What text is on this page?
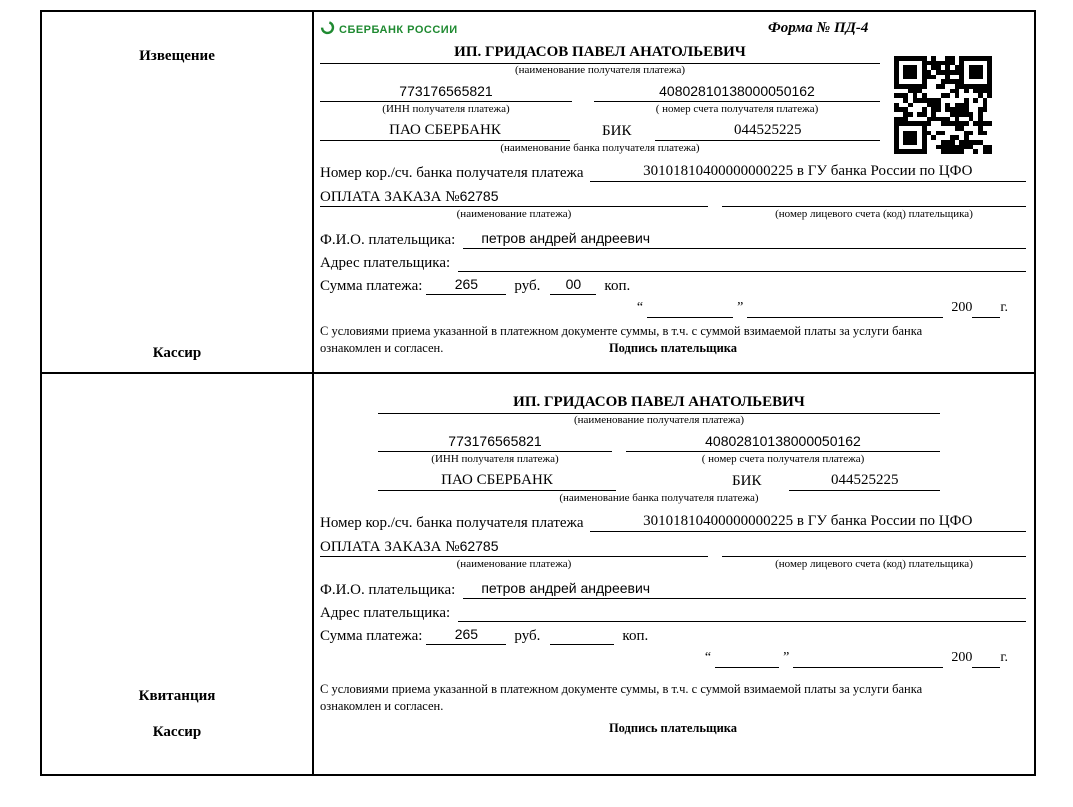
Извещение
Кассир
СБЕРБАНК РОССИИ	Форма № ПД-4
ИП. ГРИДАСОВ ПАВЕЛ АНАТОЛЬЕВИЧ
(наименование получателя платежа)
773176565821	40802810138000050162
(ИНН получателя платежа)	( номер счета получателя платежа)
ПАО СБЕРБАНК	БИК	044525225
(наименование банка получателя платежа)
Номер кор./сч. банка получателя платежа	30101810400000000225 в ГУ банка России по ЦФО
ОПЛАТА ЗАКАЗА №62785
(наименование платежа)	(номер лицевого счета (код) плательщика)
Ф.И.О. плательщика:	петров андрей андреевич
Адрес плательщика:
Сумма платежа:	265	руб.	00	коп.
“	”	200 г.
С условиями приема указанной в платежном документе суммы, в т.ч. с суммой взимаемой платы за услуги банка
ознакомлен и согласен.	Подпись плательщика
Квитанция
Кассир
ИП. ГРИДАСОВ ПАВЕЛ АНАТОЛЬЕВИЧ
(наименование получателя платежа)
773176565821	40802810138000050162
(ИНН получателя платежа)	( номер счета получателя платежа)
ПАО СБЕРБАНК	БИК	044525225
(наименование банка получателя платежа)
Номер кор./сч. банка получателя платежа	30101810400000000225 в ГУ банка России по ЦФО
ОПЛАТА ЗАКАЗА №62785
(наименование платежа)	(номер лицевого счета (код) плательщика)
Ф.И.О. плательщика:	петров андрей андреевич
Адрес плательщика:
Сумма платежа:	265	руб.	коп.
“	”	200 г.
С условиями приема указанной в платежном документе суммы, в т.ч. с суммой взимаемой платы за услуги банка
ознакомлен и согласен.
Подпись плательщика
